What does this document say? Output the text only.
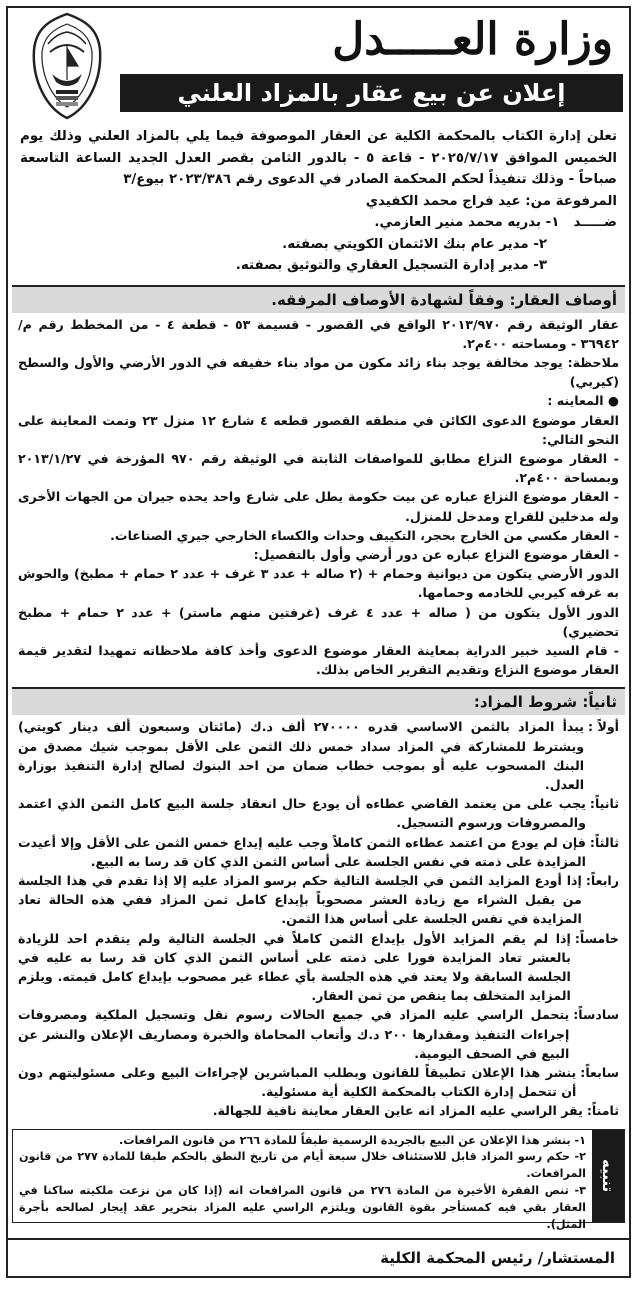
وزارة العـــــدل
إعلان عن بيع عقار بالمزاد العلني

تعلن إدارة الكتاب بالمحكمة الكلية عن العقار الموصوفة فيما يلي بالمزاد العلني وذلك يوم الخميس الموافق ٢٠٢٥/٧/١٧ - قاعة ٥ - بالدور الثامن بقصر العدل الجديد الساعة التاسعة صباحاً - وذلك تنفيذاً لحكم المحكمة الصادر في الدعوى رقم ٢٠٢٣/٣٨٦ بيوع/٣

المرفوعة من: عيد فراج محمد الكفيدي
ضـــــد   ١- بدريه محمد منير العازمي.
٢- مدير عام بنك الائتمان الكويتي بصفته.
٣- مدير إدارة التسجيل العقاري والتوثيق بصفته.
أوصاف العقار: وفقاً لشهادة الأوصاف المرفقه.

عقار الوثيقة رقم ٢٠١٣/٩٧٠ الواقع في القصور - قسيمة ٥٣ - قطعة ٤ - من المخطط رقم م/٣٦٩٤٢ - ومساحته ٤٠٠م٢.

ملاحظة: يوجد مخالفة يوجد بناء زائد مكون من مواد بناء خفيفه في الدور الأرضي والأول والسطح (كيربي)

● المعاينه :

العقار موضوع الدعوى الكائن في منطقه القصور قطعه ٤ شارع ١٢ منزل ٢٣ وتمت المعاينة على النحو التالي:

- العقار موضوع النزاع مطابق للمواصفات الثابتة في الوثيقة رقم ٩٧٠ المؤرخة في ٢٠١٣/١/٢٧ وبمساحة ٤٠٠م٢.

- العقار موضوع النزاع عباره عن بيت حكومة يطل على شارع واحد يحده جيران من الجهات الأخرى وله مدخلين للقراج ومدخل للمنزل.

- العقار مكسي من الخارج بحجر، التكييف وحدات والكساء الخارجي جيري الصناعات.

- العقار موضوع النزاع عباره عن دور أرضي وأول بالتفصيل:

الدور الأرضي يتكون من ديوانية وحمام + (٢ صاله + عدد ٣ غرف + عدد ٢ حمام + مطبخ) والحوش به غرفه كيربي للخادمه وحمامها.

الدور الأول يتكون من ( صاله + عدد ٤ غرف (غرفتين منهم ماستر) + عدد ٢ حمام + مطبخ تحضيري)

- قام السيد خبير الدراية بمعاينة العقار موضوع الدعوى وأخذ كافة ملاحظاته تمهيدا لتقدير قيمة العقار موضوع النزاع وتقديم التقرير الخاص بذلك.

ثانياً: شروط المزاد:
أولاً :
يبدأ المزاد بالثمن الاساسي قدره ٢٧٠٠٠٠ ألف د.ك (مائتان وسبعون ألف دينار كويتي) ويشترط للمشاركة في المزاد سداد خمس ذلك الثمن على الأقل بموجب شيك مصدق من البنك المسحوب عليه أو بموجب خطاب ضمان من احد البنوك لصالح إدارة التنفيذ بوزارة العدل.
ثانياً:
يجب على من يعتمد القاضي عطاءه أن يودع حال انعقاد جلسة البيع كامل الثمن الذي اعتمد والمصروفات ورسوم التسجيل.
ثالثاً:
فإن لم يودع من اعتمد عطاءه الثمن كاملاً وجب عليه إيداع خمس الثمن على الأقل وإلا أعيدت المزايدة على ذمته في نفس الجلسة على أساس الثمن الذي كان قد رسا به البيع.
رابعاً:
إذا أودع المزايد الثمن في الجلسة التالية حكم برسو المزاد عليه إلا إذا تقدم في هذا الجلسة من يقبل الشراء مع زيادة العشر مصحوباً بإيداع كامل ثمن المزاد ففي هذه الحالة تعاد المزايدة في نفس الجلسة على أساس هذا الثمن.
خامساً:
إذا لم يقم المزايد الأول بإيداع الثمن كاملاً في الجلسة التالية ولم يتقدم احد للزيادة بالعشر تعاد المزايدة فورا على ذمته على أساس الثمن الذي كان قد رسا به عليه في الجلسة السابقة ولا يعتد في هذه الجلسة بأي عطاء غير مصحوب بإيداع كامل قيمته. ويلزم المزايد المتخلف بما ينقص من ثمن العقار.
سادساً:
يتحمل الراسي عليه المزاد في جميع الحالات رسوم نقل وتسجيل الملكية ومصروفات إجراءات التنفيذ ومقدارها ٢٠٠ د.ك وأتعاب المحاماة والخبرة ومصاريف الإعلان والنشر عن البيع في الصحف اليومية.
سابعاً:
ينشر هذا الإعلان تطبيقاً للقانون وبطلب المباشرين لإجراءات البيع وعلى مسئوليتهم دون أن تتحمل إدارة الكتاب بالمحكمة الكلية أية مسئولية.
ثامناً:
يقر الراسي عليه المزاد انه عاين العقار معاينة نافية للجهالة.
تنبيه

١- بنشر هذا الإعلان عن البيع بالجريدة الرسمية طبقاً للمادة ٢٦٦ من قانون المرافعات.

٢- حكم رسو المزاد قابل للاستئناف خلال سبعة أيام من تاريخ النطق بالحكم طبقا للمادة ٢٧٧ من قانون المرافعات.

٣- تنص الفقرة الأخيرة من المادة ٢٧٦ من قانون المرافعات انه (إذا كان من نزعت ملكيته ساكنا في العقار بقي فيه كمستأجر بقوة القانون ويلتزم الراسي عليه المزاد بتحرير عقد إيجار لصالحه بأجرة المثل).

المستشار/ رئيس المحكمة الكلية
